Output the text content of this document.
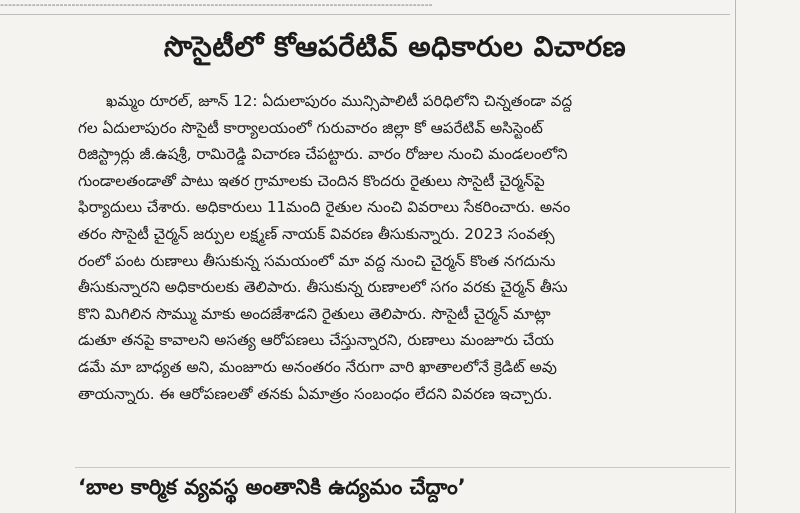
-------------------------------------------------------------------------------------------------------------
సొసైటీలో కోఆపరేటివ్ అధికారుల విచారణ
ఖమ్మం రూరల్, జూన్ 12: ఏదులాపురం మున్సిపాలిటీ పరిధిలోని చిన్నతండా వద్ద
గల ఏదులాపురం సొసైటీ కార్యాలయంలో గురువారం జిల్లా కో ఆపరేటివ్ అసిస్టెంట్
రిజిస్ట్రార్లు జీ.ఉషశ్రీ, రామిరెడ్డి విచారణ చేపట్టారు. వారం రోజుల నుంచి మండలంలోని
గుండాలతండాతో పాటు ఇతర గ్రామాలకు చెందిన కొందరు రైతులు సొసైటీ చైర్మన్‌పై
ఫిర్యాదులు చేశారు. అధికారులు 11మంది రైతుల నుంచి వివరాలు సేకరించారు. అనం
తరం సొసైటీ చైర్మన్ జర్పుల లక్ష్మణ్ నాయక్ వివరణ తీసుకున్నారు. 2023 సంవత్స
రంలో పంట రుణాలు తీసుకున్న సమయంలో మా వద్ద నుంచి చైర్మన్ కొంత నగదును
తీసుకున్నారని అధికారులకు తెలిపారు. తీసుకున్న రుణాలలో సగం వరకు చైర్మన్ తీసు
కొని మిగిలిన సొమ్ము మాకు అందజేశాడని రైతులు తెలిపారు. సొసైటీ చైర్మన్ మాట్లా
డుతూ తనపై కావాలని అసత్య ఆరోపణలు చేస్తున్నారని, రుణాలు మంజూరు చేయ
డమే మా బాధ్యత అని, మంజూరు అనంతరం నేరుగా వారి ఖాతాలలోనే క్రెడిట్ అవు
తాయన్నారు. ఈ ఆరోపణలతో తనకు ఏమాత్రం సంబంధం లేదని వివరణ ఇచ్చారు.
‘బాల కార్మిక వ్యవస్థ అంతానికి ఉద్యమం చేద్దాం’
